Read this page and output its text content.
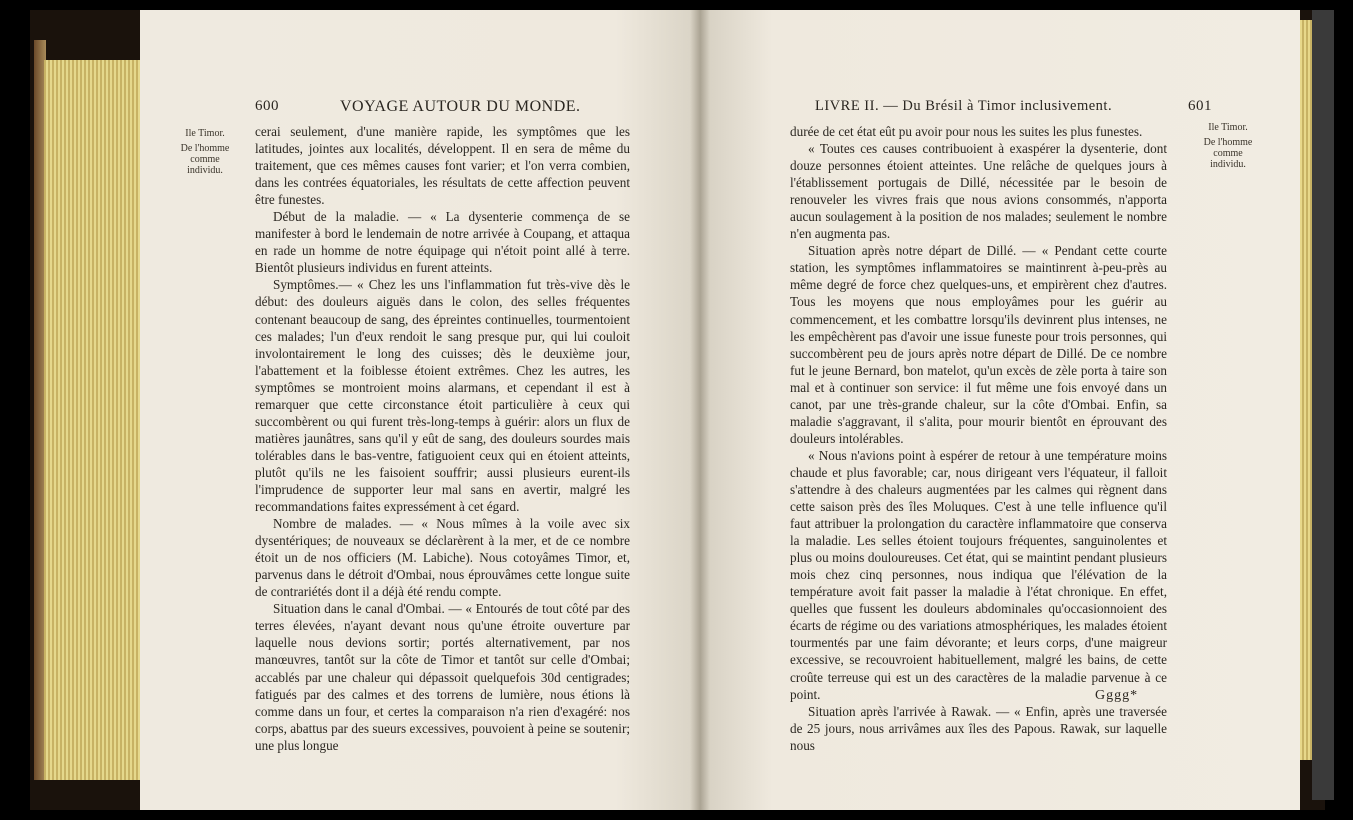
600	VOYAGE AUTOUR DU MONDE.
Ile Timor.
De l'homme
comme
individu.

cerai seulement, d'une manière rapide, les symptômes que les latitudes, jointes aux localités, développent. Il en sera de même du traitement, que ces mêmes causes font varier; et l'on verra combien, dans les contrées équatoriales, les résultats de cette affection peuvent être funestes.

Début de la maladie. — « La dysenterie commença de se manifester à bord le lendemain de notre arrivée à Coupang, et attaqua en rade un homme de notre équipage qui n'étoit point allé à terre. Bientôt plusieurs individus en furent atteints.

Symptômes.— « Chez les uns l'inflammation fut très-vive dès le début: des douleurs aiguës dans le colon, des selles fréquentes contenant beaucoup de sang, des épreintes continuelles, tourmentoient ces malades; l'un d'eux rendoit le sang presque pur, qui lui couloit involontairement le long des cuisses; dès le deuxième jour, l'abattement et la foiblesse étoient extrêmes. Chez les autres, les symptômes se montroient moins alarmans, et cependant il est à remarquer que cette circonstance étoit particulière à ceux qui succombèrent ou qui furent très-long-temps à guérir: alors un flux de matières jaunâtres, sans qu'il y eût de sang, des douleurs sourdes mais tolérables dans le bas-ventre, fatiguoient ceux qui en étoient atteints, plutôt qu'ils ne les faisoient souffrir; aussi plusieurs eurent-ils l'imprudence de supporter leur mal sans en avertir, malgré les recommandations faites expressément à cet égard.

Nombre de malades. — « Nous mîmes à la voile avec six dysentériques; de nouveaux se déclarèrent à la mer, et de ce nombre étoit un de nos officiers (M. Labiche). Nous cotoyâmes Timor, et, parvenus dans le détroit d'Ombai, nous éprouvâmes cette longue suite de contrariétés dont il a déjà été rendu compte.

Situation dans le canal d'Ombai. — « Entourés de tout côté par des terres élevées, n'ayant devant nous qu'une étroite ouverture par laquelle nous devions sortir; portés alternativement, par nos manœuvres, tantôt sur la côte de Timor et tantôt sur celle d'Ombai; accablés par une chaleur qui dépassoit quelquefois 30d centigrades; fatigués par des calmes et des torrens de lumière, nous étions là comme dans un four, et certes la comparaison n'a rien d'exagéré: nos corps, abattus par des sueurs excessives, pouvoient à peine se soutenir; une plus longue

LIVRE II. — Du Brésil à Timor inclusivement.	601

durée de cet état eût pu avoir pour nous les suites les plus funestes.

« Toutes ces causes contribuoient à exaspérer la dysenterie, dont douze personnes étoient atteintes. Une relâche de quelques jours à l'établissement portugais de Dillé, nécessitée par le besoin de renouveler les vivres frais que nous avions consommés, n'apporta aucun soulagement à la position de nos malades; seulement le nombre n'en augmenta pas.

Situation après notre départ de Dillé. — « Pendant cette courte station, les symptômes inflammatoires se maintinrent à-peu-près au même degré de force chez quelques-uns, et empirèrent chez d'autres. Tous les moyens que nous employâmes pour les guérir au commencement, et les combattre lorsqu'ils devinrent plus intenses, ne les empêchèrent pas d'avoir une issue funeste pour trois personnes, qui succombèrent peu de jours après notre départ de Dillé. De ce nombre fut le jeune Bernard, bon matelot, qu'un excès de zèle porta à taire son mal et à continuer son service: il fut même une fois envoyé dans un canot, par une très-grande chaleur, sur la côte d'Ombai. Enfin, sa maladie s'aggravant, il s'alita, pour mourir bientôt en éprouvant des douleurs intolérables.

« Nous n'avions point à espérer de retour à une température moins chaude et plus favorable; car, nous dirigeant vers l'équateur, il falloit s'attendre à des chaleurs augmentées par les calmes qui règnent dans cette saison près des îles Moluques. C'est à une telle influence qu'il faut attribuer la prolongation du caractère inflammatoire que conserva la maladie. Les selles étoient toujours fréquentes, sanguinolentes et plus ou moins douloureuses. Cet état, qui se maintint pendant plusieurs mois chez cinq personnes, nous indiqua que l'élévation de la température avoit fait passer la maladie à l'état chronique. En effet, quelles que fussent les douleurs abdominales qu'occasionnoient des écarts de régime ou des variations atmosphériques, les malades étoient tourmentés par une faim dévorante; et leurs corps, d'une maigreur excessive, se recouvroient habituellement, malgré les bains, de cette croûte terreuse qui est un des caractères de la maladie parvenue à ce point.

Situation après l'arrivée à Rawak. — « Enfin, après une traversée de 25 jours, nous arrivâmes aux îles des Papous. Rawak, sur laquelle nous

Gggg*
Ile Timor.
De l'homme
comme
individu.
